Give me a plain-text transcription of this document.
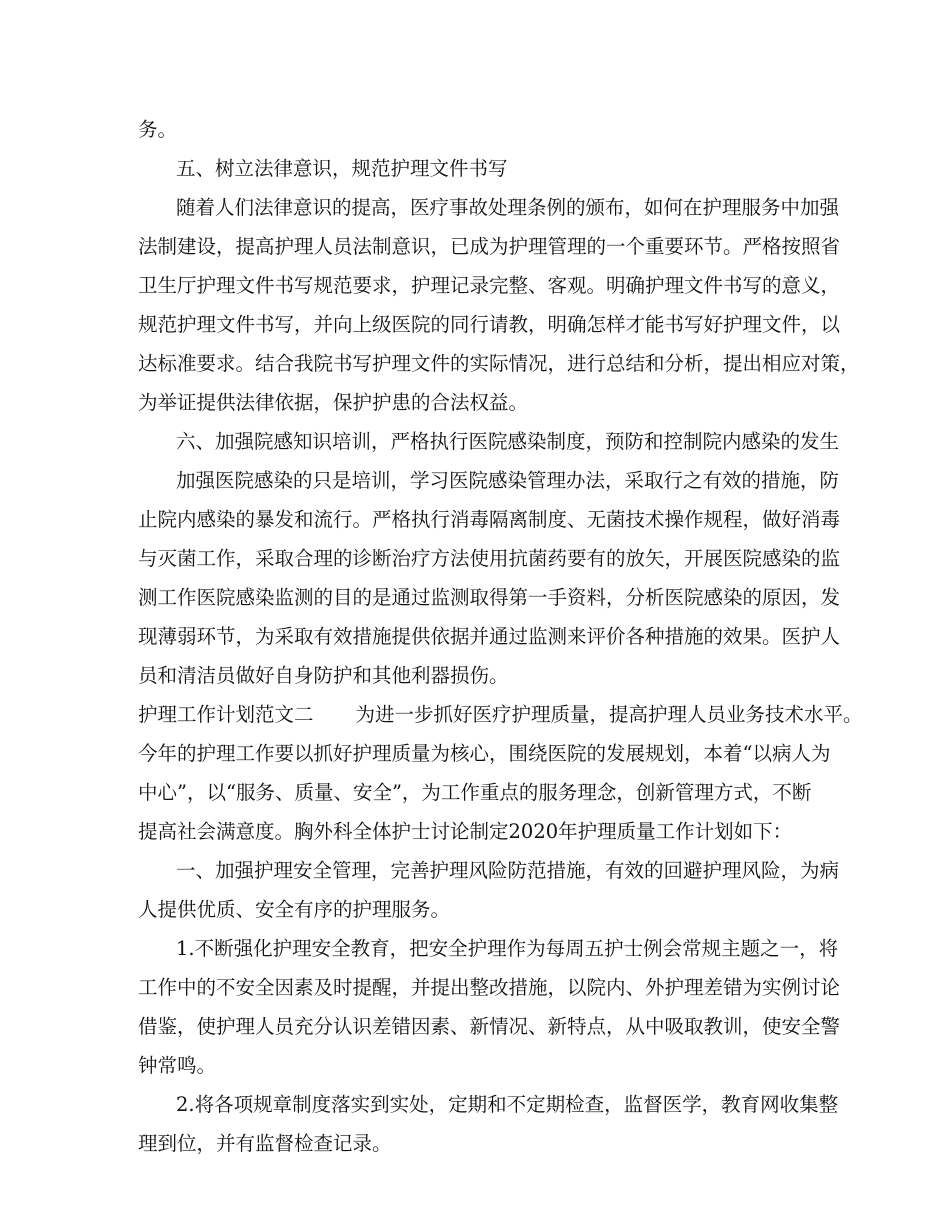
务。

五、树立法律意识，规范护理文件书写

随着人们法律意识的提高，医疗事故处理条例的颁布，如何在护理服务中加强

法制建设，提高护理人员法制意识，已成为护理管理的一个重要环节。严格按照省

卫生厅护理文件书写规范要求，护理记录完整、客观。明确护理文件书写的意义，

规范护理文件书写，并向上级医院的同行请教，明确怎样才能书写好护理文件，以

达标准要求。结合我院书写护理文件的实际情况，进行总结和分析，提出相应对策，

为举证提供法律依据，保护护患的合法权益。

六、加强院感知识培训，严格执行医院感染制度，预防和控制院内感染的发生

加强医院感染的只是培训，学习医院感染管理办法，采取行之有效的措施，防

止院内感染的暴发和流行。严格执行消毒隔离制度、无菌技术操作规程，做好消毒

与灭菌工作，采取合理的诊断治疗方法使用抗菌药要有的放矢，开展医院感染的监

测工作医院感染监测的目的是通过监测取得第一手资料，分析医院感染的原因，发

现薄弱环节，为采取有效措施提供依据并通过监测来评价各种措施的效果。医护人

员和清洁员做好自身防护和其他利器损伤。

护理工作计划范文二 为进一步抓好医疗护理质量，提高护理人员业务技术水平。

今年的护理工作要以抓好护理质量为核心，围绕医院的发展规划，本着“以病人为

中心”，以“服务、质量、安全”，为工作重点的服务理念，创新管理方式，不断

提高社会满意度。胸外科全体护士讨论制定2020年护理质量工作计划如下：

一、加强护理安全管理，完善护理风险防范措施，有效的回避护理风险，为病

人提供优质、安全有序的护理服务。

1.不断强化护理安全教育，把安全护理作为每周五护士例会常规主题之一，将

工作中的不安全因素及时提醒，并提出整改措施，以院内、外护理差错为实例讨论

借鉴，使护理人员充分认识差错因素、新情况、新特点，从中吸取教训，使安全警

钟常鸣。

2.将各项规章制度落实到实处，定期和不定期检查，监督医学，教育网收集整

理到位，并有监督检查记录。
